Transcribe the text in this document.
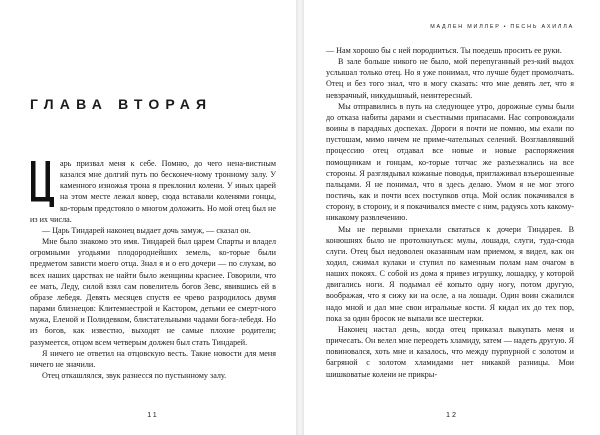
ГЛАВА ВТОРАЯ

арь призвал меня к себе. Помню, до чего нена-вистным казался мне долгий путь по бесконеч-ному тронному залу. У каменного изножья трона я преклонил колени. У иных царей на этом месте лежал ковер, сюда вставали коленями гонцы, ко-торым предстояло о многом доложить. Но мой отец был не из их числа.

— Царь Тиндарей наконец выдает дочь замуж, — сказал он.

Мне было знакомо это имя. Тиндарей был царем Спарты и владел огромными угодьями плодороднейших земель, ко-торые были предметом зависти моего отца. Знал я и о его дочери — по слухам, во всех наших царствах не найти было женщины краснее. Говорили, что ее мать, Леду, силой взял сам повелитель богов Зевс, явившись ей в образе лебедя. Девять месяцев спустя ее чрево разродилось двумя парами близнецов: Клитемнестрой и Кастором, детьми ее смерт-ного мужа, Еленой и Полидевком, блистательными чадами бога-лебедя. Но из богов, как известно, выходят не самые плохие родители; разумеется, отцом всем четверым должен был стать Тиндарей.

Я ничего не ответил на отцовскую весть. Такие новости для меня ничего не значили.

Отец откашлялся, звук разнесся по пустынному залу.

11
МАДЛЕН МИЛЛЕР • ПЕСНЬ АХИЛЛА

— Нам хорошо бы с ней породниться. Ты поедешь просить ее руки.

В зале больше никого не было, мой перепуганный рез-кий выдох услышал только отец. Но я уже понимал, что лучше будет промолчать. Отец и без того знал, что я могу сказать: что мне девять лет, что я невзрачный, никудышный, неинтересный.

Мы отправились в путь на следующее утро, дорожные сумы были до отказа набиты дарами и съестными припасами. Нас сопровождали воины в парадных доспехах. Дороги я почти не помню, мы ехали по пустошам, мимо ничем не приме-чательных селений. Возглавлявший процессию отец отдавал все новые и новые распоряжения помощникам и гонцам, ко-торые тотчас же разъезжались на все стороны. Я разглядывал кожаные поводья, приглаживал взъерошенные пальцами. Я не понимал, что я здесь делаю. Умом я не мог этого постичь, как и почти всех поступков отца. Мой ослик покачивался в сторону, в сторону, и я покачивался вместе с ним, радуясь хоть какому-никакому развлечению.

Мы не первыми приехали свататься к дочери Тиндарея. В конюшнях было не протолкнуться: мулы, лошади, слуги, туда-сюда слуги. Отец был недоволен оказанным нам приемом, я видел, как он ходил, сжимал кулаки и ступил по каменным полам нам очагом в наших покоях. С собой из дома я привез игрушку, лошадку, у которой двигались ноги. Я подымал её копыто одну ногу, потом другую, воображая, что я сижу ки на осле, а на лошади. Один воин сжалился надо мной и дал мне свои игральные кости. Я кидал их до тех пор, пока за один бросок не выпали все шестерки.

Наконец настал день, когда отец приказал выкупать меня и причесать. Он велел мне переодеть хламиду, затем — надеть другую. Я повиновался, хоть мне и казалось, что между пурпурной с золотом и багряной с золотом хламидами нет никакой разницы. Мои шишковатые колени не прикры-

12
